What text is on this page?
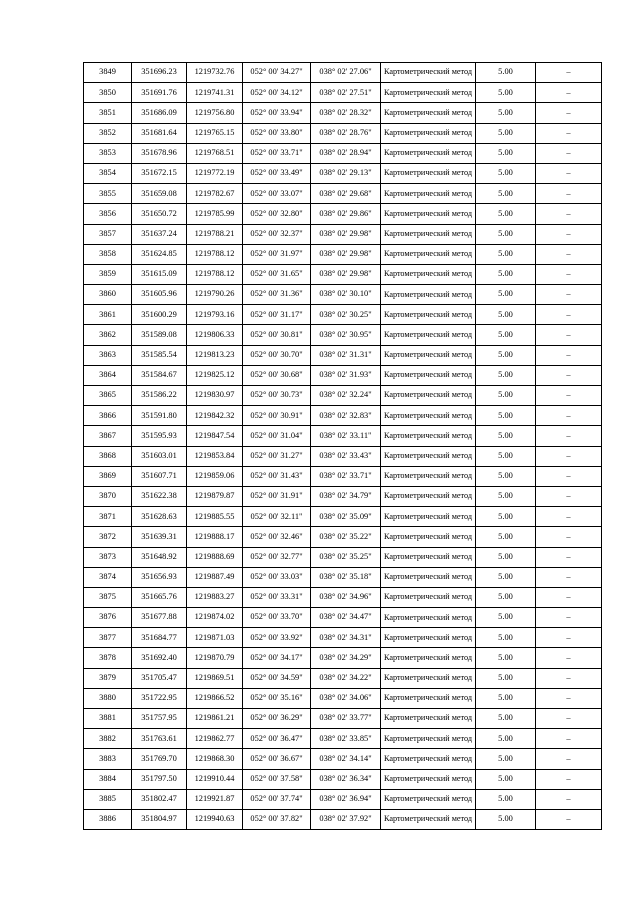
3849	351696.23	1219732.76	052° 00' 34.27"	038° 02' 27.06"	Картометрический метод	5.00	–
3850	351691.76	1219741.31	052° 00' 34.12"	038° 02' 27.51"	Картометрический метод	5.00	–
3851	351686.09	1219756.80	052° 00' 33.94"	038° 02' 28.32"	Картометрический метод	5.00	–
3852	351681.64	1219765.15	052° 00' 33.80"	038° 02' 28.76"	Картометрический метод	5.00	–
3853	351678.96	1219768.51	052° 00' 33.71"	038° 02' 28.94"	Картометрический метод	5.00	–
3854	351672.15	1219772.19	052° 00' 33.49"	038° 02' 29.13"	Картометрический метод	5.00	–
3855	351659.08	1219782.67	052° 00' 33.07"	038° 02' 29.68"	Картометрический метод	5.00	–
3856	351650.72	1219785.99	052° 00' 32.80"	038° 02' 29.86"	Картометрический метод	5.00	–
3857	351637.24	1219788.21	052° 00' 32.37"	038° 02' 29.98"	Картометрический метод	5.00	–
3858	351624.85	1219788.12	052° 00' 31.97"	038° 02' 29.98"	Картометрический метод	5.00	–
3859	351615.09	1219788.12	052° 00' 31.65"	038° 02' 29.98"	Картометрический метод	5.00	–
3860	351605.96	1219790.26	052° 00' 31.36"	038° 02' 30.10"	Картометрический метод	5.00	–
3861	351600.29	1219793.16	052° 00' 31.17"	038° 02' 30.25"	Картометрический метод	5.00	–
3862	351589.08	1219806.33	052° 00' 30.81"	038° 02' 30.95"	Картометрический метод	5.00	–
3863	351585.54	1219813.23	052° 00' 30.70"	038° 02' 31.31"	Картометрический метод	5.00	–
3864	351584.67	1219825.12	052° 00' 30.68"	038° 02' 31.93"	Картометрический метод	5.00	–
3865	351586.22	1219830.97	052° 00' 30.73"	038° 02' 32.24"	Картометрический метод	5.00	–
3866	351591.80	1219842.32	052° 00' 30.91"	038° 02' 32.83"	Картометрический метод	5.00	–
3867	351595.93	1219847.54	052° 00' 31.04"	038° 02' 33.11"	Картометрический метод	5.00	–
3868	351603.01	1219853.84	052° 00' 31.27"	038° 02' 33.43"	Картометрический метод	5.00	–
3869	351607.71	1219859.06	052° 00' 31.43"	038° 02' 33.71"	Картометрический метод	5.00	–
3870	351622.38	1219879.87	052° 00' 31.91"	038° 02' 34.79"	Картометрический метод	5.00	–
3871	351628.63	1219885.55	052° 00' 32.11"	038° 02' 35.09"	Картометрический метод	5.00	–
3872	351639.31	1219888.17	052° 00' 32.46"	038° 02' 35.22"	Картометрический метод	5.00	–
3873	351648.92	1219888.69	052° 00' 32.77"	038° 02' 35.25"	Картометрический метод	5.00	–
3874	351656.93	1219887.49	052° 00' 33.03"	038° 02' 35.18"	Картометрический метод	5.00	–
3875	351665.76	1219883.27	052° 00' 33.31"	038° 02' 34.96"	Картометрический метод	5.00	–
3876	351677.88	1219874.02	052° 00' 33.70"	038° 02' 34.47"	Картометрический метод	5.00	–
3877	351684.77	1219871.03	052° 00' 33.92"	038° 02' 34.31"	Картометрический метод	5.00	–
3878	351692.40	1219870.79	052° 00' 34.17"	038° 02' 34.29"	Картометрический метод	5.00	–
3879	351705.47	1219869.51	052° 00' 34.59"	038° 02' 34.22"	Картометрический метод	5.00	–
3880	351722.95	1219866.52	052° 00' 35.16"	038° 02' 34.06"	Картометрический метод	5.00	–
3881	351757.95	1219861.21	052° 00' 36.29"	038° 02' 33.77"	Картометрический метод	5.00	–
3882	351763.61	1219862.77	052° 00' 36.47"	038° 02' 33.85"	Картометрический метод	5.00	–
3883	351769.70	1219868.30	052° 00' 36.67"	038° 02' 34.14"	Картометрический метод	5.00	–
3884	351797.50	1219910.44	052° 00' 37.58"	038° 02' 36.34"	Картометрический метод	5.00	–
3885	351802.47	1219921.87	052° 00' 37.74"	038° 02' 36.94"	Картометрический метод	5.00	–
3886	351804.97	1219940.63	052° 00' 37.82"	038° 02' 37.92"	Картометрический метод	5.00	–
